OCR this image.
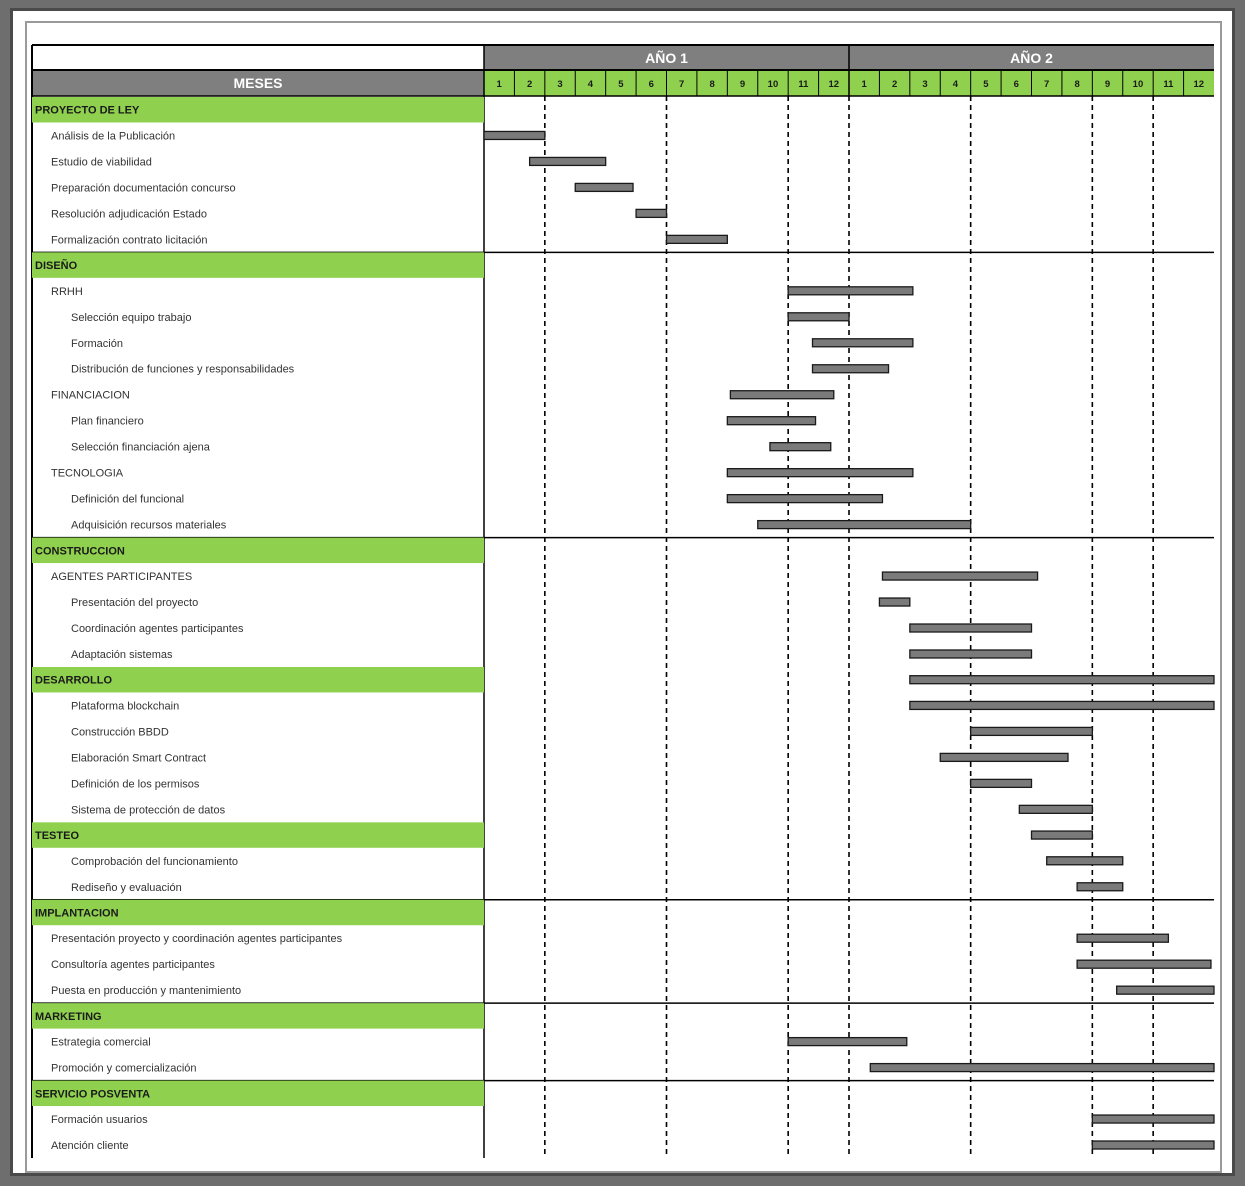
MESES
AÑO 1
1	2	3	4	5	6	7	8	9 10 11 12
AÑO 2
1	2	3	4	5	6	7	8	9 10 11 12
PROYECTO DE LEY
Análisis de la Publicación
Estudio de viabilidad
Preparación documentación concurso
Resolución adjudicación Estado
Formalización contrato licitación
DISEÑO
RRHH
Selección equipo trabajo
Formación
Distribución de funciones y responsabilidades
FINANCIACION
Plan financiero
Selección financiación ajena
TECNOLOGIA
Definición del funcional
Adquisición recursos materiales
CONSTRUCCION
AGENTES PARTICIPANTES
Presentación del proyecto
Coordinación agentes participantes
Adaptación sistemas
DESARROLLO
Plataforma blockchain
Construcción BBDD
Elaboración Smart Contract
Definición de los permisos
Sistema de protección de datos
TESTEO
Comprobación del funcionamiento
Rediseño y evaluación
IMPLANTACION
Presentación proyecto y coordinación agentes participantes
Consultoría agentes participantes
Puesta en producción y mantenimiento
MARKETING
Estrategia comercial
Promoción y comercialización
SERVICIO POSVENTA
Formación usuarios
Atención cliente
